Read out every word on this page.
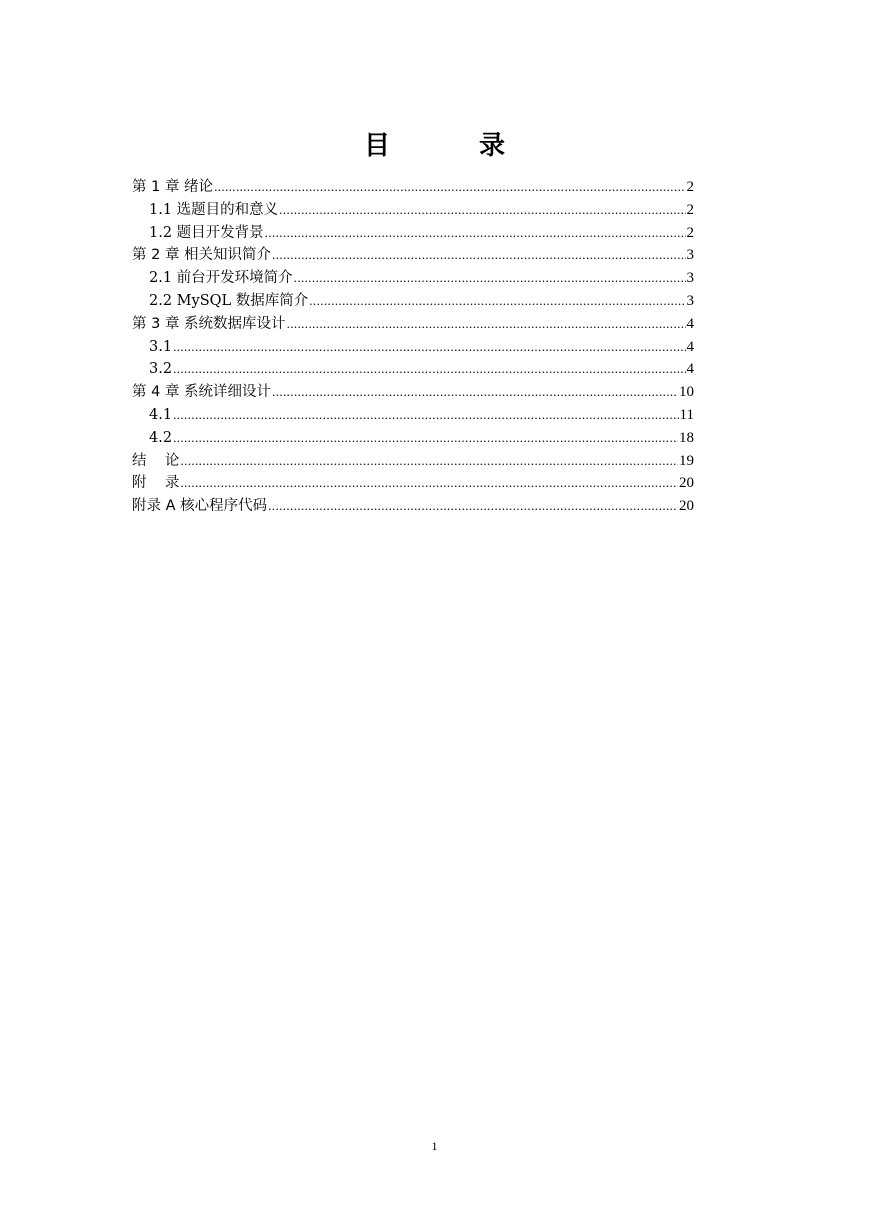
目 录
第 1 章 绪论 .....	2
1.1 选题目的和意义 .....	2
1.2 题目开发背景 .....	2
第 2 章 相关知识简介 .....	3
2.1 前台开发环境简介 .....	3
2.2 MySQL 数据库简介 .....	3
第 3 章 系统数据库设计 .....	4
3.1 .....	4
3.2 .....	4
第 4 章 系统详细设计 .....	10
4.1 .....	11
4.2 .....	18
结    论 .....	19
附    录 .....	20
附录 A 核心程序代码 .....	20
1
